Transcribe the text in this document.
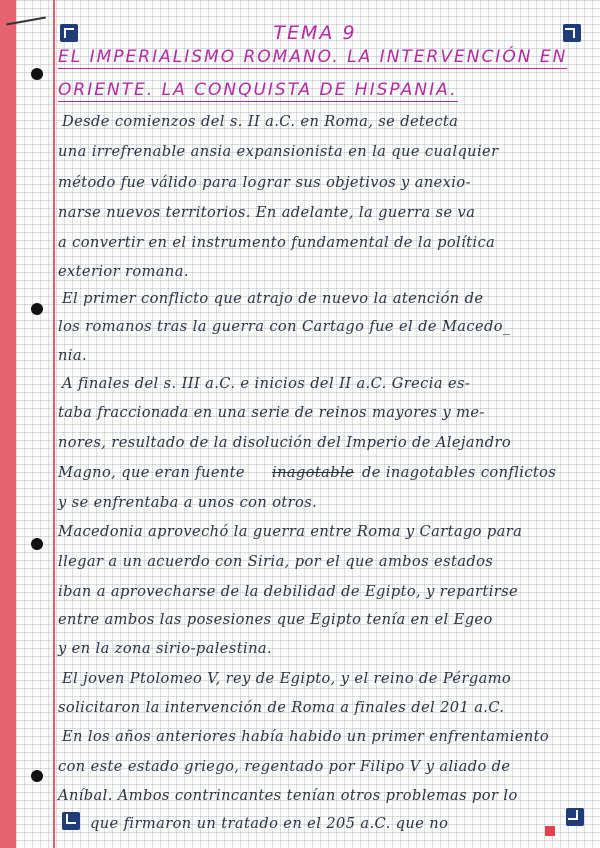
TEMA 9
EL IMPERIALISMO ROMANO. LA INTERVENCIÓN EN
ORIENTE. LA CONQUISTA DE HISPANIA.
Desde comienzos del s. II a.C. en Roma, se detecta
una irrefrenable ansia expansionista en la que cualquier
método fue válido para lograr sus objetivos y anexio-
narse nuevos territorios. En adelante, la guerra se va
a convertir en el instrumento fundamental de la política
exterior romana.
El primer conflicto que atrajo de nuevo la atención de
los romanos tras la guerra con Cartago fue el de Macedo_
nia.
A finales del s. III a.C. e inicios del II a.C. Grecia es-
taba fraccionada en una serie de reinos mayores y me-
nores, resultado de la disolución del Imperio de Alejandro
Magno, que eran fuente inagotable de inagotables conflictos
y se enfrentaba a unos con otros.
Macedonia aprovechó la guerra entre Roma y Cartago para
llegar a un acuerdo con Siria, por el que ambos estados
iban a aprovecharse de la debilidad de Egipto, y repartirse
entre ambos las posesiones que Egipto tenía en el Egeo
y en la zona sirio-palestina.
El joven Ptolomeo V, rey de Egipto, y el reino de Pérgamo
solicitaron la intervención de Roma a finales del 201 a.C.
En los años anteriores había habido un primer enfrentamiento
con este estado griego, regentado por Filipo V y aliado de
Aníbal. Ambos contrincantes tenían otros problemas por lo
que firmaron un tratado en el 205 a.C. que no
